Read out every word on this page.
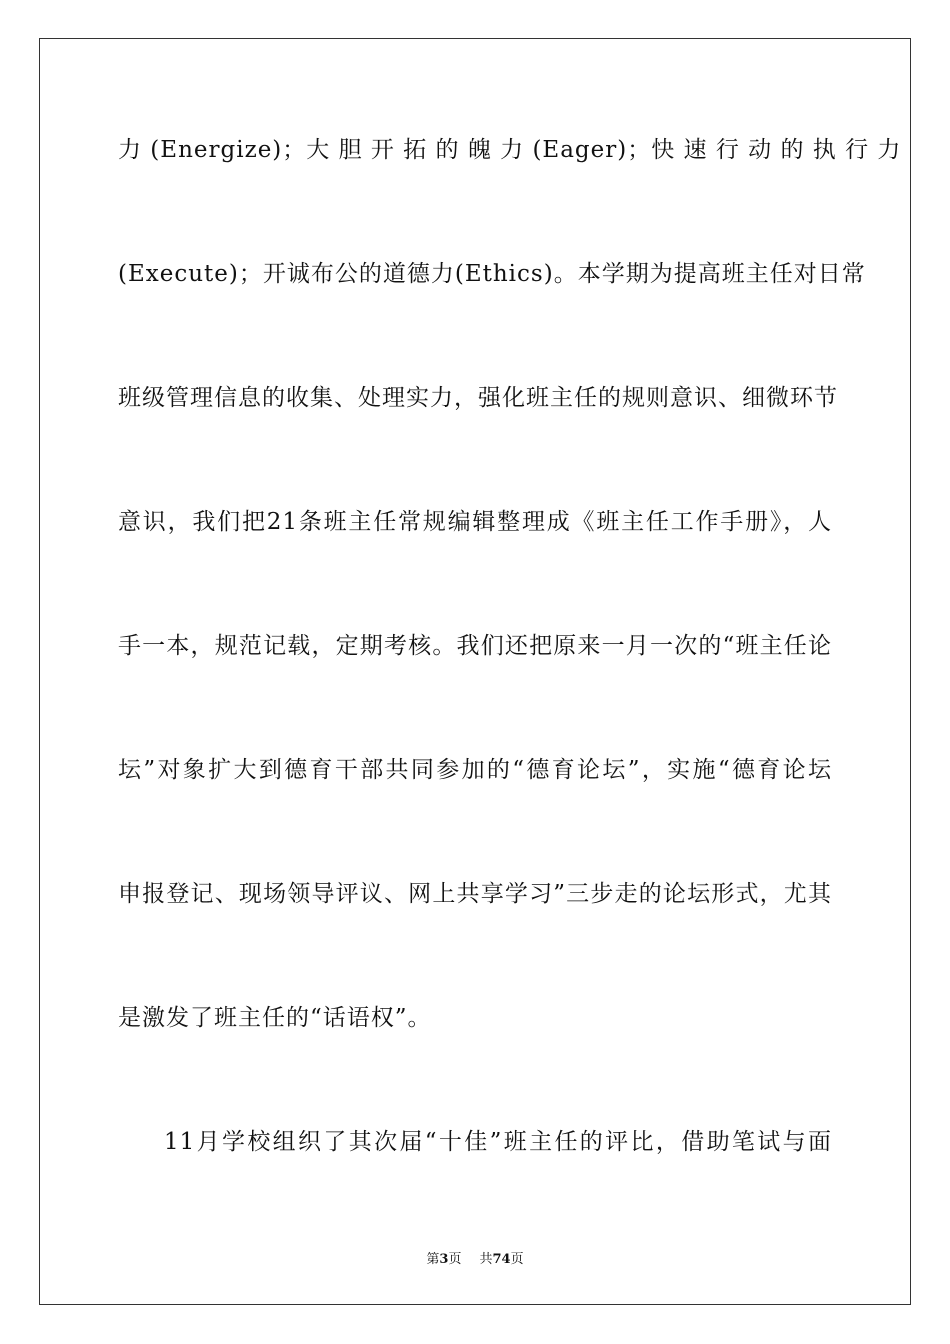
力 (Energize)；大 胆 开 拓 的 魄 力 (Eager)；快 速 行 动 的 执 行 力
(Execute)；开诚布公的道德力(Ethics)。本学期为提高班主任对日常
班级管理信息的收集、处理实力，强化班主任的规则意识、细微环节
意识，我们把21条班主任常规编辑整理成《班主任工作手册》，人
手一本，规范记载，定期考核。我们还把原来一月一次的“班主任论
坛”对象扩大到德育干部共同参加的“德育论坛”，实施“德育论坛
申报登记、现场领导评议、网上共享学习”三步走的论坛形式，尤其
是激发了班主任的“话语权”。
11月学校组织了其次届“十佳”班主任的评比，借助笔试与面
第3页 共74页
